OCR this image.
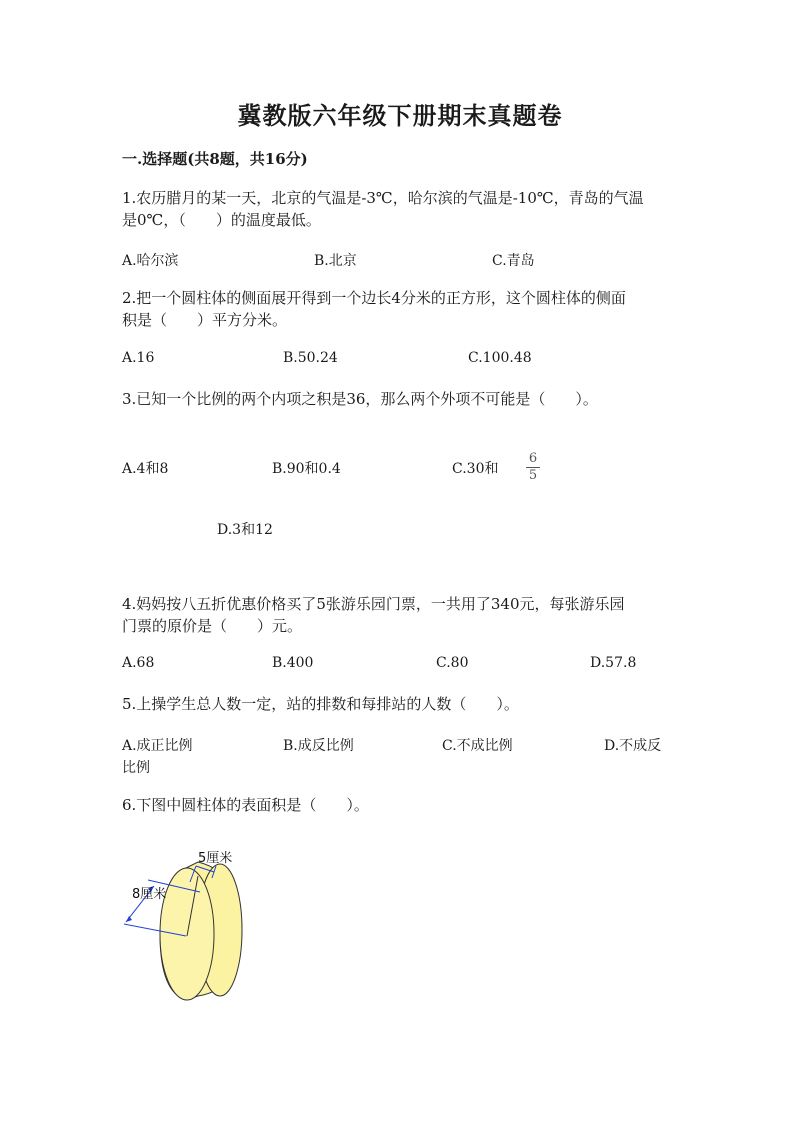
冀教版六年级下册期末真题卷
一.选择题(共8题，共16分)
1.农历腊月的某一天，北京的气温是-3℃，哈尔滨的气温是-10℃，青岛的气温
是0℃，（　　）的温度最低。
A.哈尔滨	B.北京	C.青岛
2.把一个圆柱体的侧面展开得到一个边长4分米的正方形，这个圆柱体的侧面
积是（　　）平方分米。
A.16	B.50.24	C.100.48
3.已知一个比例的两个内项之积是36，那么两个外项不可能是（　　）。
A.4和8	B.90和0.4	C.30和
6
5
D.3和12
4.妈妈按八五折优惠价格买了5张游乐园门票，一共用了340元，每张游乐园
门票的原价是（　　）元。
A.68	B.400	C.80	D.57.8
5.上操学生总人数一定，站的排数和每排站的人数（　　）。
A.成正比例	B.成反比例	C.不成比例	D.不成反
比例
6.下图中圆柱体的表面积是（　　）。
5厘米
8厘米
